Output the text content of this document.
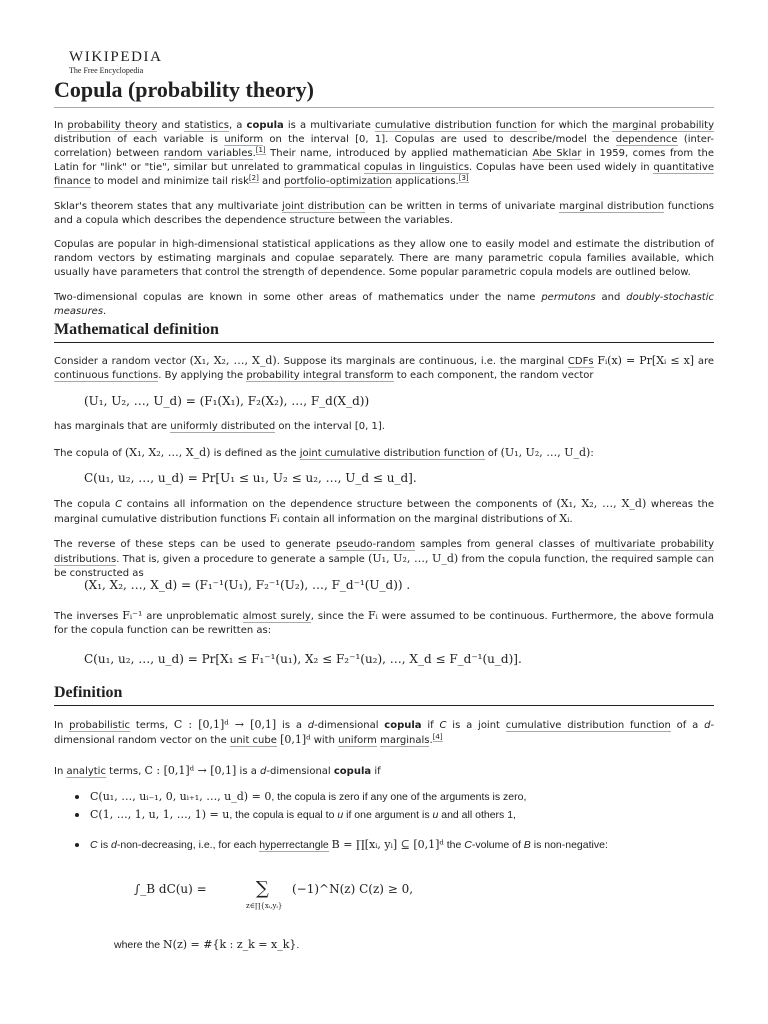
WIKIPEDIA
The Free Encyclopedia
Copula (probability theory)

In probability theory and statistics, a copula is a multivariate cumulative distribution function for which the marginal probability distribution of each variable is uniform on the interval [0, 1]. Copulas are used to describe/model the dependence (inter-correlation) between random variables.[1] Their name, introduced by applied mathematician Abe Sklar in 1959, comes from the Latin for "link" or "tie", similar but unrelated to grammatical copulas in linguistics. Copulas have been used widely in quantitative finance to model and minimize tail risk[2] and portfolio-optimization applications.[3]

Sklar's theorem states that any multivariate joint distribution can be written in terms of univariate marginal distribution functions and a copula which describes the dependence structure between the variables.

Copulas are popular in high-dimensional statistical applications as they allow one to easily model and estimate the distribution of random vectors by estimating marginals and copulae separately. There are many parametric copula families available, which usually have parameters that control the strength of dependence. Some popular parametric copula models are outlined below.

Two-dimensional copulas are known in some other areas of mathematics under the name permutons and doubly-stochastic measures.

Mathematical definition

Consider a random vector (X₁, X₂, …, X_d). Suppose its marginals are continuous, i.e. the marginal CDFs Fᵢ(x) = Pr[Xᵢ ≤ x] are continuous functions. By applying the probability integral transform to each component, the random vector

(U₁, U₂, …, U_d) = (F₁(X₁), F₂(X₂), …, F_d(X_d))

has marginals that are uniformly distributed on the interval [0, 1].

The copula of (X₁, X₂, …, X_d) is defined as the joint cumulative distribution function of (U₁, U₂, …, U_d):

C(u₁, u₂, …, u_d) = Pr[U₁ ≤ u₁, U₂ ≤ u₂, …, U_d ≤ u_d].

The copula C contains all information on the dependence structure between the components of (X₁, X₂, …, X_d) whereas the marginal cumulative distribution functions Fᵢ contain all information on the marginal distributions of Xᵢ.

The reverse of these steps can be used to generate pseudo-random samples from general classes of multivariate probability distributions. That is, given a procedure to generate a sample (U₁, U₂, …, U_d) from the copula function, the required sample can be constructed as

(X₁, X₂, …, X_d) = (F₁⁻¹(U₁), F₂⁻¹(U₂), …, F_d⁻¹(U_d)) .

The inverses Fᵢ⁻¹ are unproblematic almost surely, since the Fᵢ were assumed to be continuous. Furthermore, the above formula for the copula function can be rewritten as:

C(u₁, u₂, …, u_d) = Pr[X₁ ≤ F₁⁻¹(u₁), X₂ ≤ F₂⁻¹(u₂), …, X_d ≤ F_d⁻¹(u_d)].
Definition

In probabilistic terms, C : [0,1]ᵈ → [0,1] is a d-dimensional copula if C is a joint cumulative distribution function of a d-dimensional random vector on the unit cube [0,1]ᵈ with uniform marginals.[4]

In analytic terms, C : [0,1]ᵈ → [0,1] is a d-dimensional copula if

C(u₁, …, uᵢ₋₁, 0, uᵢ₊₁, …, u_d) = 0, the copula is zero if any one of the arguments is zero,
C(1, …, 1, u, 1, …, 1) = u, the copula is equal to u if one argument is u and all others 1,
C is d-non-decreasing, i.e., for each hyperrectangle B = ∏[xᵢ, yᵢ] ⊆ [0,1]ᵈ the C-volume of B is non-negative:
∫_B dC(u) =	∑
z∈∏{xᵢ,yᵢ}
(−1)^N(z) C(z) ≥ 0,
where the N(z) = #{k : z_k = x_k}.
